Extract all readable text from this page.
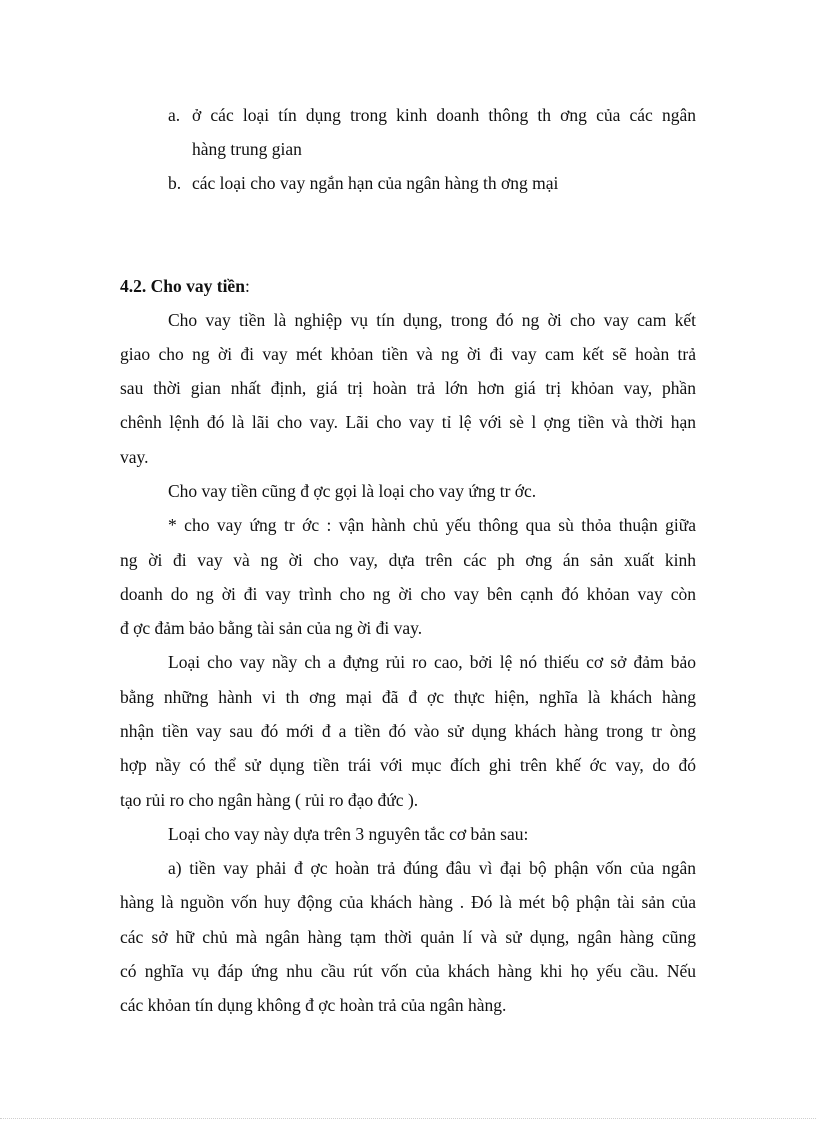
a. ở các loại tín dụng trong kinh doanh thông th ơng của các ngân

hàng trung gian

b. các loại cho vay ngắn hạn của ngân hàng th ơng mại

4.2. Cho vay tiền:

Cho vay tiền là nghiệp vụ tín dụng, trong đó ng ời cho vay cam kết

giao cho ng ời đi vay mét khỏan tiền và ng ời đi vay cam kết sẽ hoàn trả

sau thời gian nhất định, giá trị hoàn trả lớn hơn giá trị khỏan vay, phần

chênh lệnh đó là lãi cho vay. Lãi cho vay tỉ lệ với sè l ợng tiền và thời hạn

vay.

Cho vay tiền cũng đ ợc gọi là loại cho vay ứng tr ớc.

* cho vay ứng tr ớc : vận hành chủ yếu thông qua sù thỏa thuận giữa

ng ời đi vay và ng ời cho vay, dựa trên các ph ơng án sản xuất kinh

doanh do ng ời đi vay trình cho ng ời cho vay bên cạnh đó khỏan vay còn

đ ợc đảm bảo bằng tài sản của ng ời đi vay.

Loại cho vay nầy ch a đựng rủi ro cao, bởi lệ nó thiếu cơ sở đảm bảo

bằng những hành vi th ơng mại đã đ ợc thực hiện, nghĩa là khách hàng

nhận tiền vay sau đó mới đ a tiền đó vào sử dụng khách hàng trong tr òng

hợp nầy có thể sử dụng tiền trái với mục đích ghi trên khế ớc vay, do đó

tạo rủi ro cho ngân hàng ( rủi ro đạo đức ).

Loại cho vay này dựa trên 3 nguyên tắc cơ bản sau:

a) tiền vay phải đ ợc hoàn trả đúng đâu vì đại bộ phận vốn của ngân

hàng là nguồn vốn huy động của khách hàng . Đó là mét bộ phận tài sản của

các sở hữ chủ mà ngân hàng tạm thời quản lí và sử dụng, ngân hàng cũng

có nghĩa vụ đáp ứng nhu cầu rút vốn của khách hàng khi họ yếu cầu. Nếu

các khỏan tín dụng không đ ợc hoàn trả của ngân hàng.
